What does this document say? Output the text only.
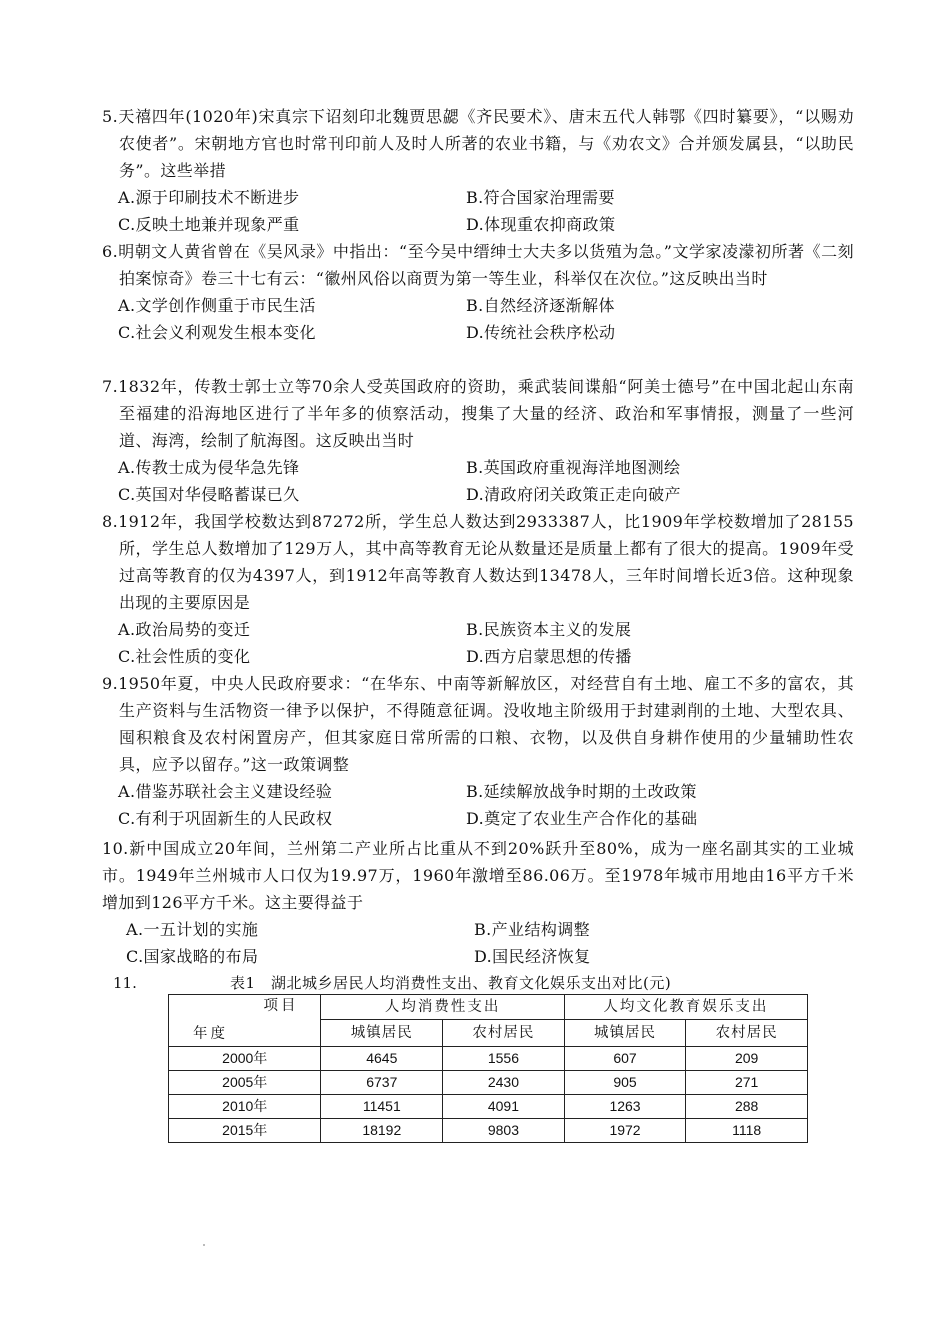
5.天禧四年(1020年)宋真宗下诏刻印北魏贾思勰《齐民要术》、唐末五代人韩鄂《四时纂要》，“以赐劝农使者”。宋朝地方官也时常刊印前人及时人所著的农业书籍，与《劝农文》合并颁发属县，“以助民务”。这些举措
A.源于印刷技术不断进步	B.符合国家治理需要
C.反映土地兼并现象严重	D.体现重农抑商政策
6.明朝文人黄省曾在《吴风录》中指出：“至今吴中缙绅士大夫多以货殖为急。”文学家凌濛初所著《二刻拍案惊奇》卷三十七有云：“徽州风俗以商贾为第一等生业，科举仅在次位。”这反映出当时
A.文学创作侧重于市民生活	B.自然经济逐渐解体
C.社会义利观发生根本变化	D.传统社会秩序松动
7.1832年，传教士郭士立等70余人受英国政府的资助，乘武装间谍船“阿美士德号”在中国北起山东南至福建的沿海地区进行了半年多的侦察活动，搜集了大量的经济、政治和军事情报，测量了一些河道、海湾，绘制了航海图。这反映出当时
A.传教士成为侵华急先锋	B.英国政府重视海洋地图测绘
C.英国对华侵略蓄谋已久	D.清政府闭关政策正走向破产
8.1912年，我国学校数达到87272所，学生总人数达到2933387人，比1909年学校数增加了28155所，学生总人数增加了129万人，其中高等教育无论从数量还是质量上都有了很大的提高。1909年受过高等教育的仅为4397人，到1912年高等教育人数达到13478人，三年时间增长近3倍。这种现象出现的主要原因是
A.政治局势的变迁	B.民族资本主义的发展
C.社会性质的变化	D.西方启蒙思想的传播
9.1950年夏，中央人民政府要求：“在华东、中南等新解放区，对经营自有土地、雇工不多的富农，其生产资料与生活物资一律予以保护，不得随意征调。没收地主阶级用于封建剥削的土地、大型农具、囤积粮食及农村闲置房产，但其家庭日常所需的口粮、衣物，以及供自身耕作使用的少量辅助性农具，应予以留存。”这一政策调整
A.借鉴苏联社会主义建设经验	B.延续解放战争时期的土改政策
C.有利于巩固新生的人民政权	D.奠定了农业生产合作化的基础
10.新中国成立20年间，兰州第二产业所占比重从不到20%跃升至80%，成为一座名副其实的工业城市。1949年兰州城市人口仅为19.97万，1960年激增至86.06万。至1978年城市用地由16平方千米增加到126平方千米。这主要得益于
A.一五计划的实施	B.产业结构调整
C.国家战略的布局	D.国民经济恢复
11.	表1　湖北城乡居民人均消费性支出、教育文化娱乐支出对比(元)
项目
年度	人均消费性支出		人均文化教育娱乐支出	
	城镇居民	农村居民	城镇居民	农村居民
2000年	4645	1556	607	209
2005年	6737	2430	905	271
2010年	11451	4091	1263	288
2015年	18192	9803	1972	1118
